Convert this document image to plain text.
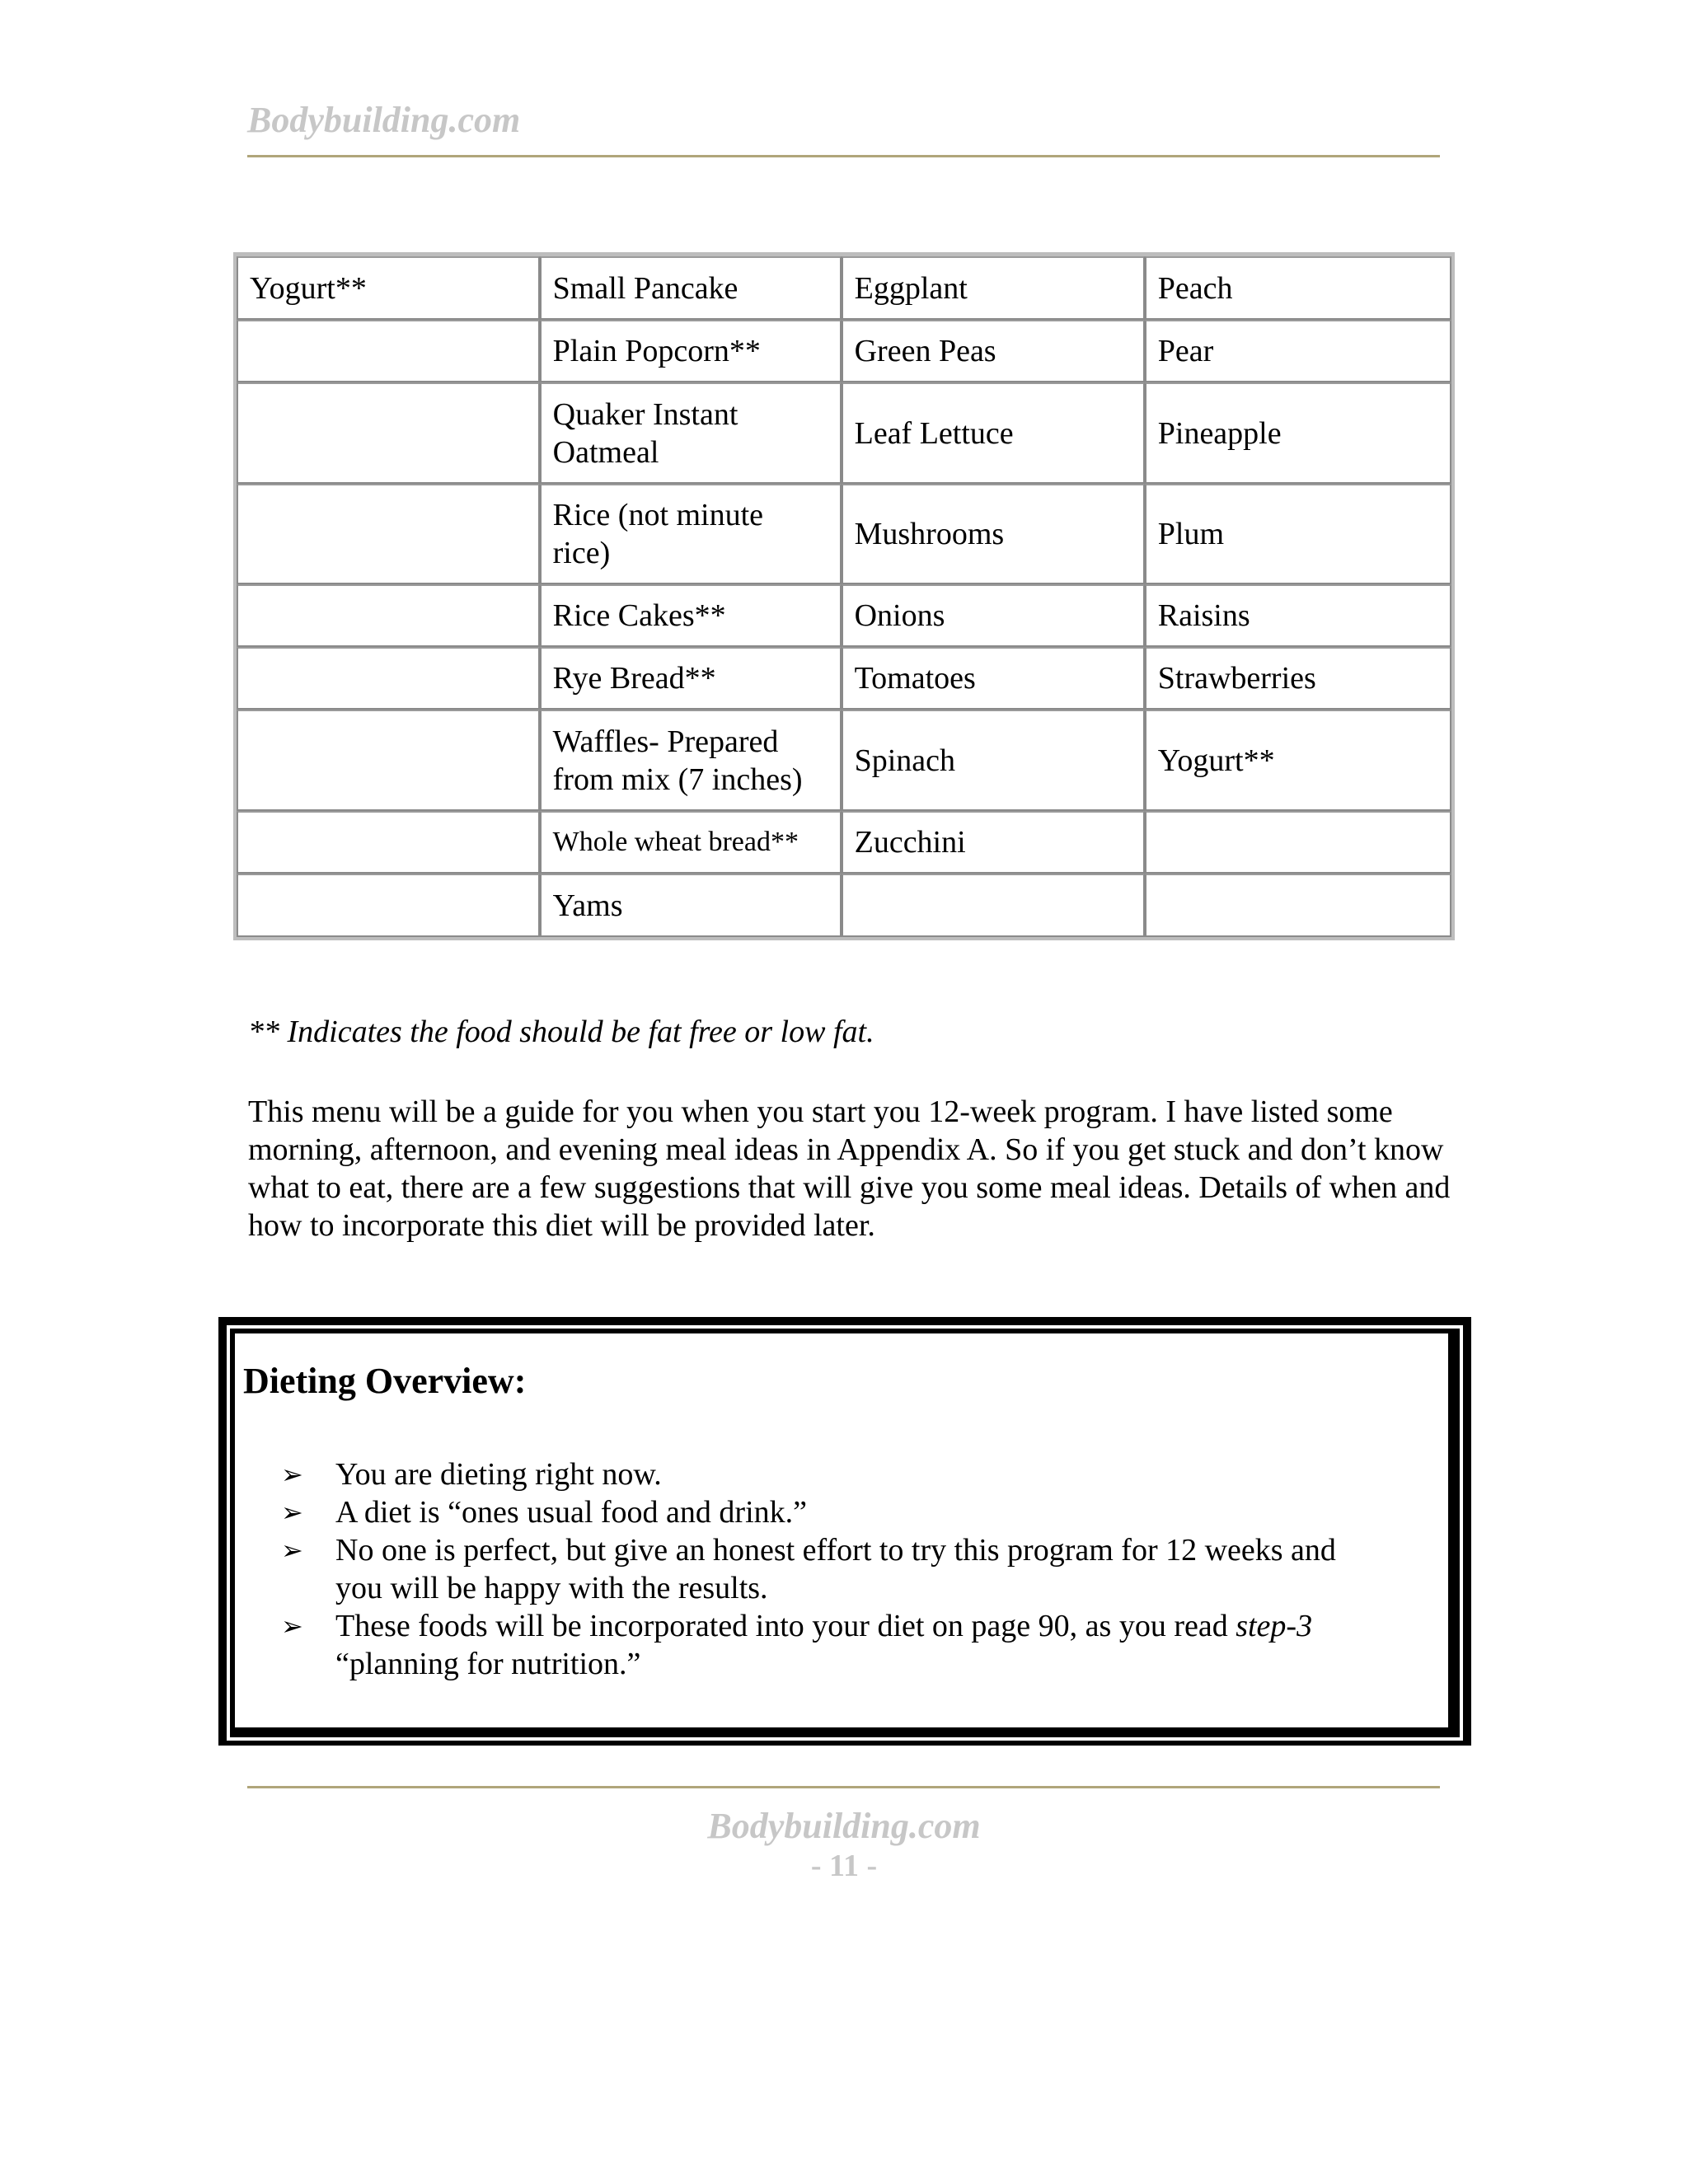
Bodybuilding.com
Yogurt**	Small Pancake	Eggplant	Peach
	Plain Popcorn**	Green Peas	Pear
	Quaker Instant Oatmeal	Leaf Lettuce	Pineapple
	Rice (not minute rice)	Mushrooms	Plum
	Rice Cakes**	Onions	Raisins
	Rye Bread**	Tomatoes	Strawberries
	Waffles- Prepared from mix (7 inches)	Spinach	Yogurt**
	Whole wheat bread**	Zucchini	
	Yams		
** Indicates the food should be fat free or low fat.

This menu will be a guide for you when you start you 12-week program. I have listed some morning, afternoon, and evening meal ideas in Appendix A. So if you get stuck and don’t know what to eat, there are a few suggestions that will give you some meal ideas. Details of when and how to incorporate this diet will be provided later.

Dieting Overview:
➢ You are dieting right now.
➢ A diet is “ones usual food and drink.”
➢ No one is perfect, but give an honest effort to try this program for 12 weeks and you will be happy with the results.
➢ These foods will be incorporated into your diet on page 90, as you read step-3
“planning for nutrition.”
Bodybuilding.com
- 11 -
